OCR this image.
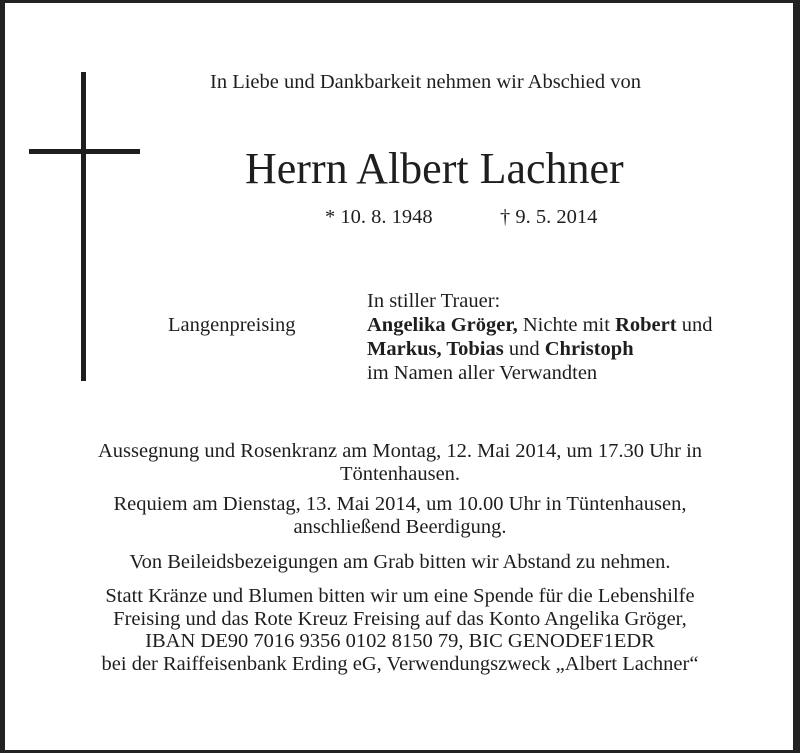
In Liebe und Dankbarkeit nehmen wir Abschied von
Herrn Albert Lachner
* 10. 8. 1948	† 9. 5. 2014
Langenpreising
In stiller Trauer:
Angelika Gröger, Nichte mit Robert und
Markus, Tobias und Christoph
im Namen aller Verwandten

Aussegnung und Rosenkranz am Montag, 12. Mai 2014, um 17.30 Uhr in

Töntenhausen.

Requiem am Dienstag, 13. Mai 2014, um 10.00 Uhr in Tüntenhausen,

anschließend Beerdigung.

Von Beileidsbezeigungen am Grab bitten wir Abstand zu nehmen.

Statt Kränze und Blumen bitten wir um eine Spende für die Lebenshilfe

Freising und das Rote Kreuz Freising auf das Konto Angelika Gröger,

IBAN DE90 7016 9356 0102 8150 79, BIC GENODEF1EDR

bei der Raiffeisenbank Erding eG, Verwendungszweck „Albert Lachner“
